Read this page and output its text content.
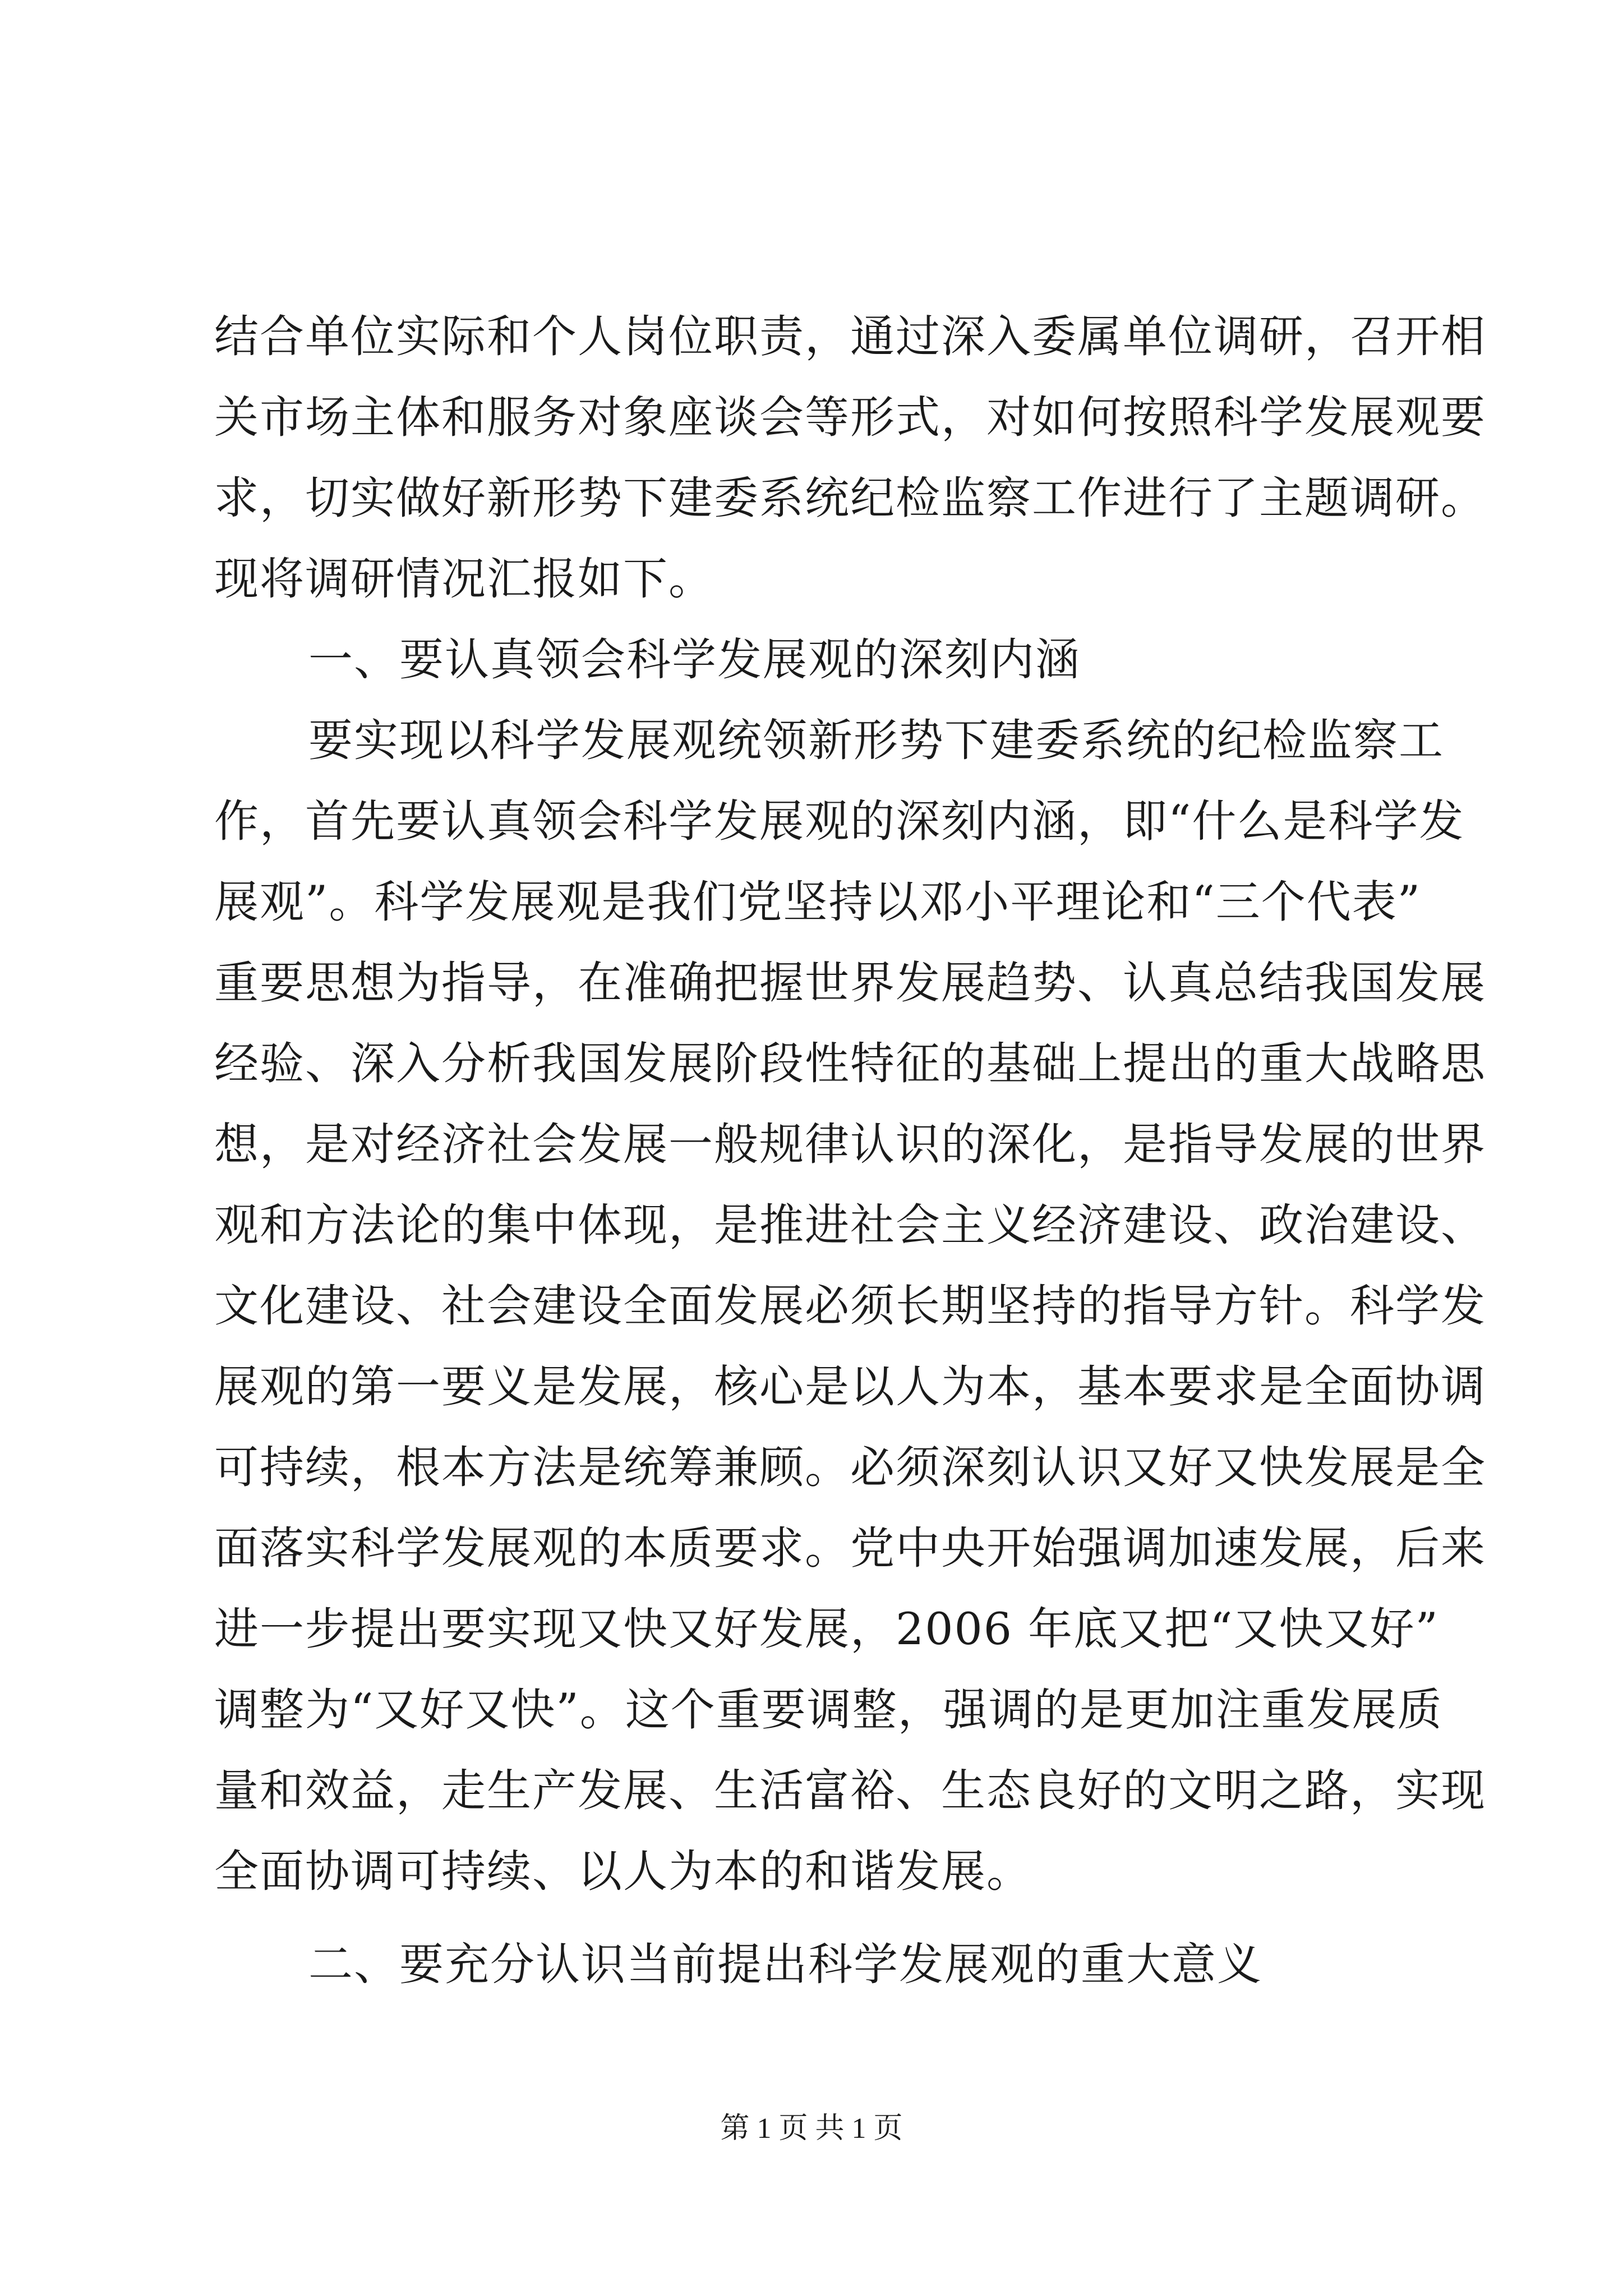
结合单位实际和个人岗位职责，通过深入委属单位调研，召开相
关市场主体和服务对象座谈会等形式，对如何按照科学发展观要
求，切实做好新形势下建委系统纪检监察工作进行了主题调研。
现将调研情况汇报如下。
一、要认真领会科学发展观的深刻内涵
要实现以科学发展观统领新形势下建委系统的纪检监察工
作，首先要认真领会科学发展观的深刻内涵，即“什么是科学发
展观”。科学发展观是我们党坚持以邓小平理论和“三个代表”
重要思想为指导，在准确把握世界发展趋势、认真总结我国发展
经验、深入分析我国发展阶段性特征的基础上提出的重大战略思
想，是对经济社会发展一般规律认识的深化，是指导发展的世界
观和方法论的集中体现，是推进社会主义经济建设、政治建设、
文化建设、社会建设全面发展必须长期坚持的指导方针。科学发
展观的第一要义是发展，核心是以人为本，基本要求是全面协调
可持续，根本方法是统筹兼顾。必须深刻认识又好又快发展是全
面落实科学发展观的本质要求。党中央开始强调加速发展，后来
进一步提出要实现又快又好发展，2006 年底又把“又快又好”
调整为“又好又快”。这个重要调整，强调的是更加注重发展质
量和效益，走生产发展、生活富裕、生态良好的文明之路，实现
全面协调可持续、以人为本的和谐发展。
二、要充分认识当前提出科学发展观的重大意义
第 1 页 共 1 页
